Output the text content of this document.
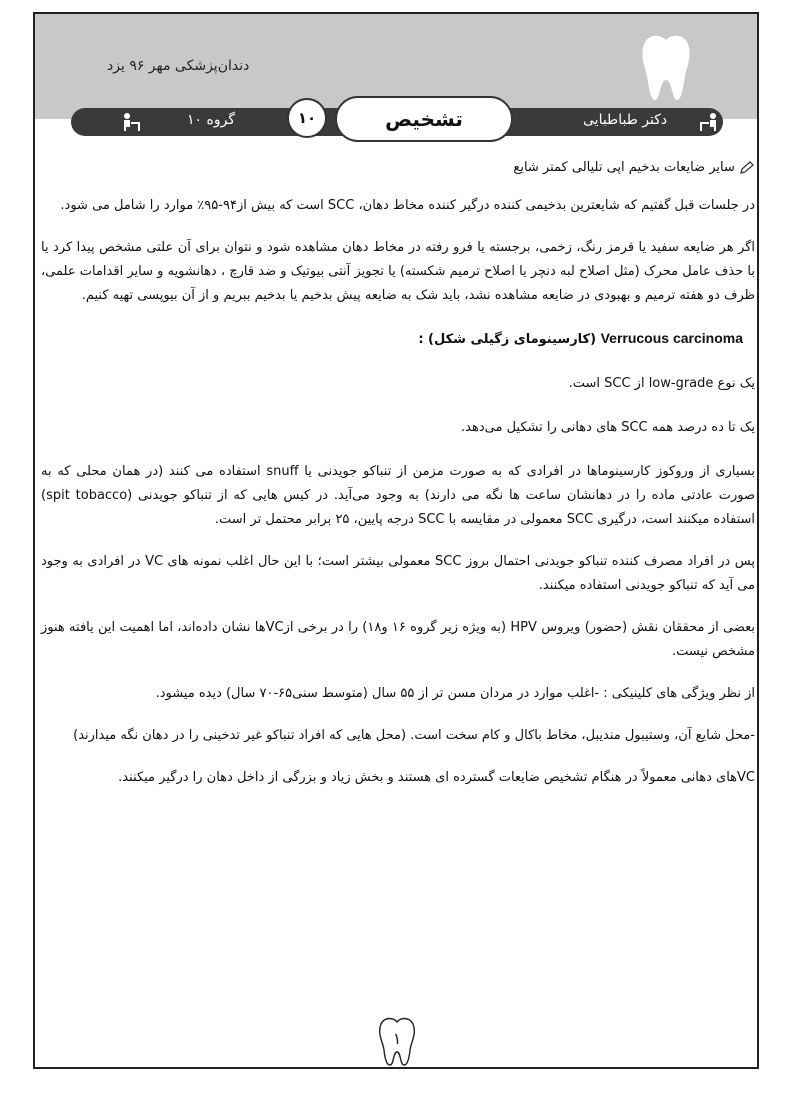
دندان‌پزشکی مهر ۹۶ یزد
گروه ۱۰	دکتر طباطبایی
۱۰	تشخیص

سایر ضایعات بدخیم اپی تلیالی کمتر شایع

در جلسات قبل گفتیم که شایعترین بدخیمی کننده درگیر کننده مخاط دهان، SCC است که بیش از۹۴-۹۵٪ موارد را شامل می شود.

اگر هر ضایعه سفید یا قرمز رنگ، زخمی، برجسته یا فرو رفته در مخاط دهان مشاهده شود و نتوان برای آن علتی مشخص پیدا کرد یا با حذف عامل محرک (مثل اصلاح لبه دنچر یا اصلاح ترمیم شکسته) یا تجویز آنتی بیوتیک و ضد قارچ ، دهانشویه و سایر اقدامات علمی، ظرف دو هفته ترمیم و بهبودی در ضایعه مشاهده نشد، باید شک به ضایعه پیش بدخیم یا بدخیم ببریم و از آن بیوپسی تهیه کنیم.

Verrucous carcinoma (کارسینومای زگیلی شکل) :

یک نوع low-grade از SCC است.

یک تا ده درصد همه SCC های دهانی را تشکیل می‌دهد.

بسیاری از وروکوز کارسینوماها در افرادی که به صورت مزمن از تنباکو جویدنی یا snuff استفاده می کنند (در همان محلی که به صورت عادتی ماده را در دهانشان ساعت ها نگه می دارند) به وجود می‌آید. در کیس هایی که از تنباکو جویدنی (spit tobacco) استفاده میکنند است، درگیری SCC معمولی در مقایسه با SCC درجه پایین، ۲۵ برابر محتمل تر است.

پس در افراد مصرف کننده تنباکو جویدنی احتمال بروز SCC معمولی بیشتر است؛ با این حال اغلب نمونه های VC در افرادی به وجود می آید که تنباکو جویدنی استفاده میکنند.

بعضی از محققان نقش (حضور) ویروس HPV (به ویژه زیر گروه ۱۶ و۱۸) را در برخی ازVCها نشان داده‌اند، اما اهمیت این یافته هنوز مشخص نیست.

از نظر ویژگی های کلینیکی : -اغلب موارد در مردان مسن تر از ۵۵ سال (متوسط سنی۶۵-۷۰ سال) دیده میشود.

-محل شایع آن، وستیبول مندیبل، مخاط باکال و کام سخت است. (محل هایی که افراد تنباکو غیر تدخینی را در دهان نگه میدارند)

VCهای دهانی معمولاً در هنگام تشخیص ضایعات گسترده ای هستند و بخش زیاد و بزرگی از داخل دهان را درگیر میکنند.

۱
